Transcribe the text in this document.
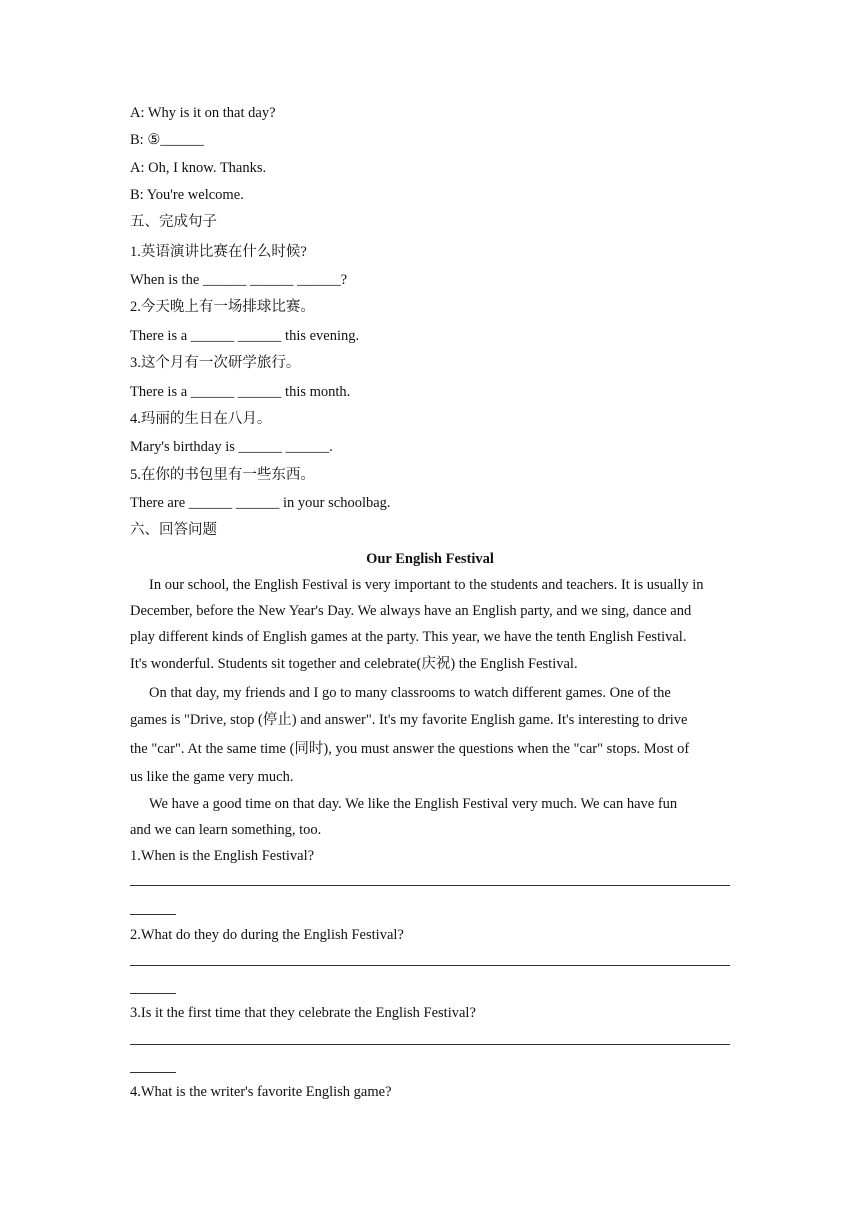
A: Why is it on that day?
B: ⑤______
A: Oh, I know. Thanks.
B: You're welcome.
五、完成句子
1.英语演讲比赛在什么时候?
When is the ______ ______ ______?
2.今天晚上有一场排球比赛。
There is a ______ ______ this evening.
3.这个月有一次研学旅行。
There is a ______ ______ this month.
4.玛丽的生日在八月。
Mary's birthday is ______ ______.
5.在你的书包里有一些东西。
There are ______ ______ in your schoolbag.
六、回答问题
Our English Festival
In our school, the English Festival is very important to the students and teachers. It is usually in
December, before the New Year's Day. We always have an English party, and we sing, dance and
play different kinds of English games at the party. This year, we have the tenth English Festival.
It's wonderful. Students sit together and celebrate(庆祝) the English Festival.
On that day, my friends and I go to many classrooms to watch different games. One of the
games is "Drive, stop (停止) and answer". It's my favorite English game. It's interesting to drive
the "car". At the same time (同时), you must answer the questions when the "car" stops. Most of
us like the game very much.
We have a good time on that day. We like the English Festival very much. We can have fun
and we can learn something, too.
1.When is the English Festival?
2.What do they do during the English Festival?
3.Is it the first time that they celebrate the English Festival?
4.What is the writer's favorite English game?
